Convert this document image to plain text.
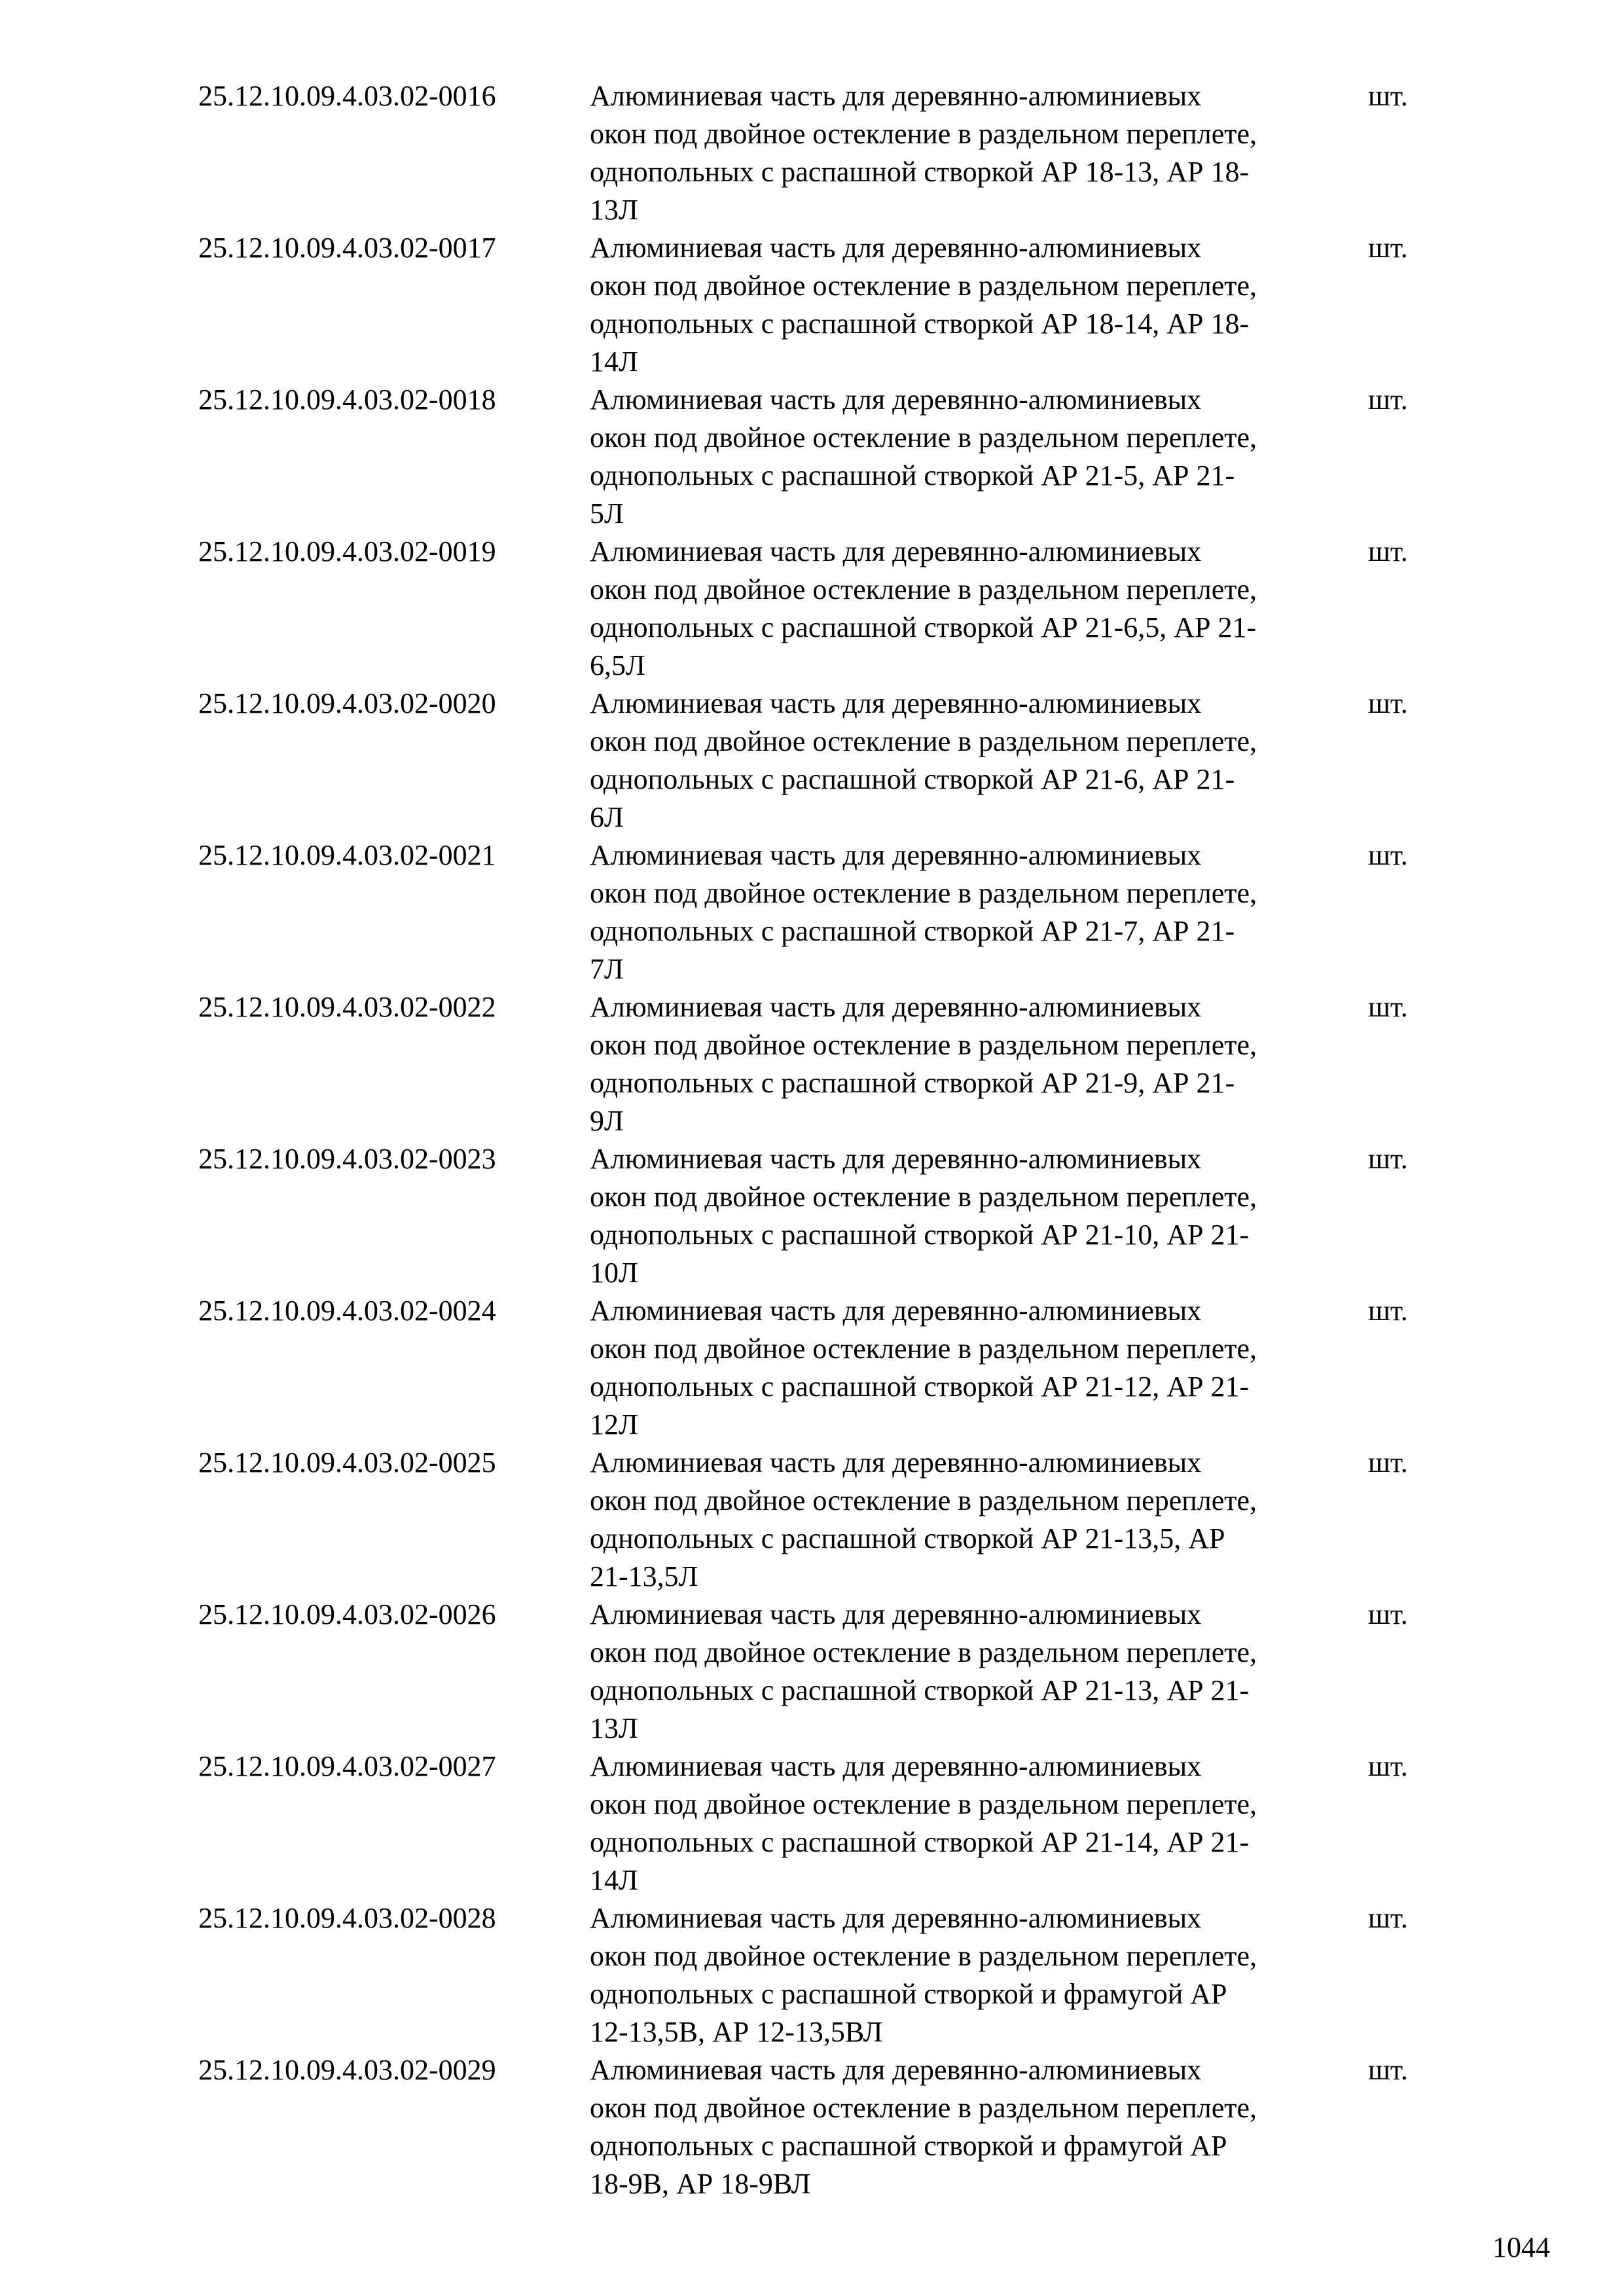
25.12.10.09.4.03.02-0016	Алюминиевая часть для деревянно-алюминиевых
окон под двойное остекление в раздельном переплете,
однопольных с распашной створкой АР 18-13, АР 18-
13Л
шт.
25.12.10.09.4.03.02-0017	Алюминиевая часть для деревянно-алюминиевых
окон под двойное остекление в раздельном переплете,
однопольных с распашной створкой АР 18-14, АР 18-
14Л
шт.
25.12.10.09.4.03.02-0018	Алюминиевая часть для деревянно-алюминиевых
окон под двойное остекление в раздельном переплете,
однопольных с распашной створкой АР 21-5, АР 21-
5Л
шт.
25.12.10.09.4.03.02-0019	Алюминиевая часть для деревянно-алюминиевых
окон под двойное остекление в раздельном переплете,
однопольных с распашной створкой АР 21-6,5, АР 21-
6,5Л
шт.
25.12.10.09.4.03.02-0020	Алюминиевая часть для деревянно-алюминиевых
окон под двойное остекление в раздельном переплете,
однопольных с распашной створкой АР 21-6, АР 21-
6Л
шт.
25.12.10.09.4.03.02-0021	Алюминиевая часть для деревянно-алюминиевых
окон под двойное остекление в раздельном переплете,
однопольных с распашной створкой АР 21-7, АР 21-
7Л
шт.
25.12.10.09.4.03.02-0022	Алюминиевая часть для деревянно-алюминиевых
окон под двойное остекление в раздельном переплете,
однопольных с распашной створкой АР 21-9, АР 21-
9Л
шт.
25.12.10.09.4.03.02-0023	Алюминиевая часть для деревянно-алюминиевых
окон под двойное остекление в раздельном переплете,
однопольных с распашной створкой АР 21-10, АР 21-
10Л
шт.
25.12.10.09.4.03.02-0024	Алюминиевая часть для деревянно-алюминиевых
окон под двойное остекление в раздельном переплете,
однопольных с распашной створкой АР 21-12, АР 21-
12Л
шт.
25.12.10.09.4.03.02-0025	Алюминиевая часть для деревянно-алюминиевых
окон под двойное остекление в раздельном переплете,
однопольных с распашной створкой АР 21-13,5, АР
21-13,5Л
шт.
25.12.10.09.4.03.02-0026	Алюминиевая часть для деревянно-алюминиевых
окон под двойное остекление в раздельном переплете,
однопольных с распашной створкой АР 21-13, АР 21-
13Л
шт.
25.12.10.09.4.03.02-0027	Алюминиевая часть для деревянно-алюминиевых
окон под двойное остекление в раздельном переплете,
однопольных с распашной створкой АР 21-14, АР 21-
14Л
шт.
25.12.10.09.4.03.02-0028	Алюминиевая часть для деревянно-алюминиевых
окон под двойное остекление в раздельном переплете,
однопольных с распашной створкой и фрамугой АР
12-13,5В, АР 12-13,5ВЛ
шт.
25.12.10.09.4.03.02-0029	Алюминиевая часть для деревянно-алюминиевых
окон под двойное остекление в раздельном переплете,
однопольных с распашной створкой и фрамугой АР
18-9В, АР 18-9ВЛ
шт.
1044
